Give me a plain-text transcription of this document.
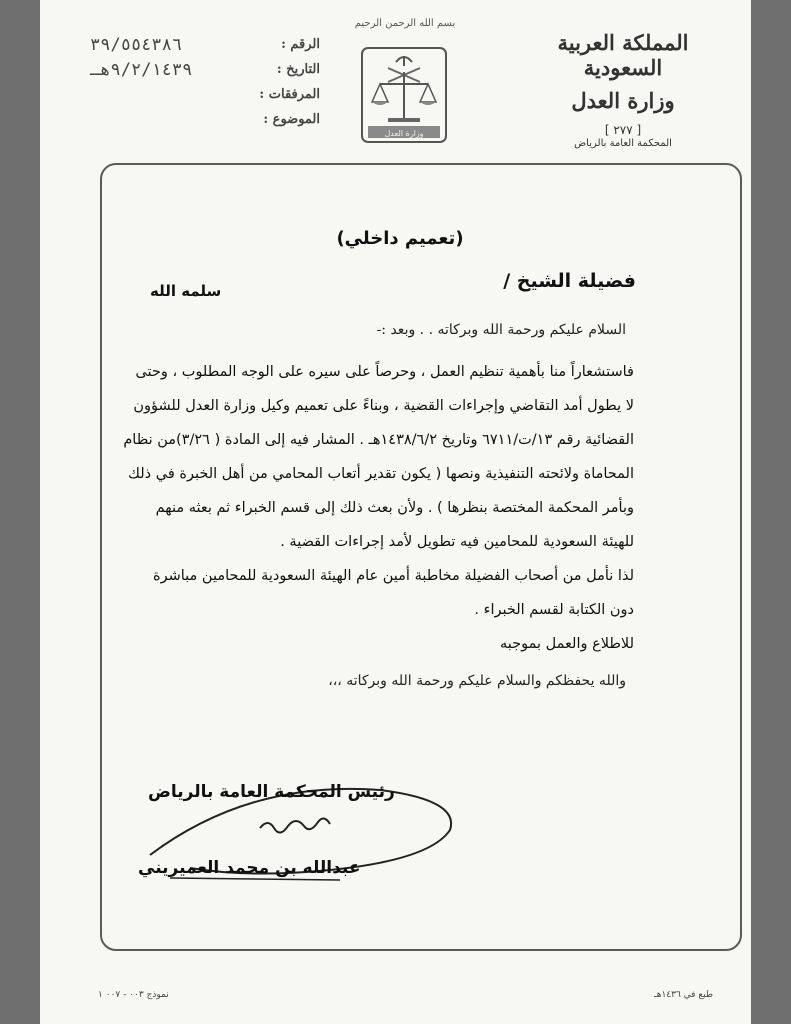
المملكة العربية السعودية
وزارة العدل
[ ٢٧٧ ]
المحكمة العامة بالرياض
بسم الله الرحمن الرحيم
وزارة العدل
٣٩/٥٥٤٣٨٦	الرقم :
٩/٢/١٤٣٩هـ	التاريخ :
المرفقات :
الموضوع :
(تعميم داخلي)
فضيلة الشيخ /
سلمه الله
السلام عليكم ورحمة الله وبركاته . . وبعد :-
فاستشعاراً منا بأهمية تنظيم العمل ، وحرصاً على سيره على الوجه المطلوب ، وحتى
لا يطول أمد التقاضي وإجراءات القضية ، وبناءً على تعميم وكيل وزارة العدل للشؤون
القضائية رقم ١٣/ت/٦٧١١ وتاريخ ١٤٣٨/٦/٢هـ . المشار فيه إلى المادة ( ٣/٢٦)من نظام
المحاماة ولائحته التنفيذية ونصها ( يكون تقدير أتعاب المحامي من أهل الخبرة في ذلك
وبأمر المحكمة المختصة بنظرها ) . ولأن بعث ذلك إلى قسم الخبراء ثم بعثه منهم
للهيئة السعودية للمحامين فيه تطويل لأمد إجراءات القضية .
لذا نأمل من أصحاب الفضيلة مخاطبة أمين عام الهيئة السعودية للمحامين مباشرة
دون الكتابة لقسم الخبراء .
للاطلاع والعمل بموجبه
والله يحفظكم والسلام عليكم ورحمة الله وبركاته ،،،
رئيس المحكمة العامة بالرياض
عبدالله بن محمد العميريني
طبع في ١٤٣٦هـ
نموذج ٠٠٣ - ٠٠٧ ١
